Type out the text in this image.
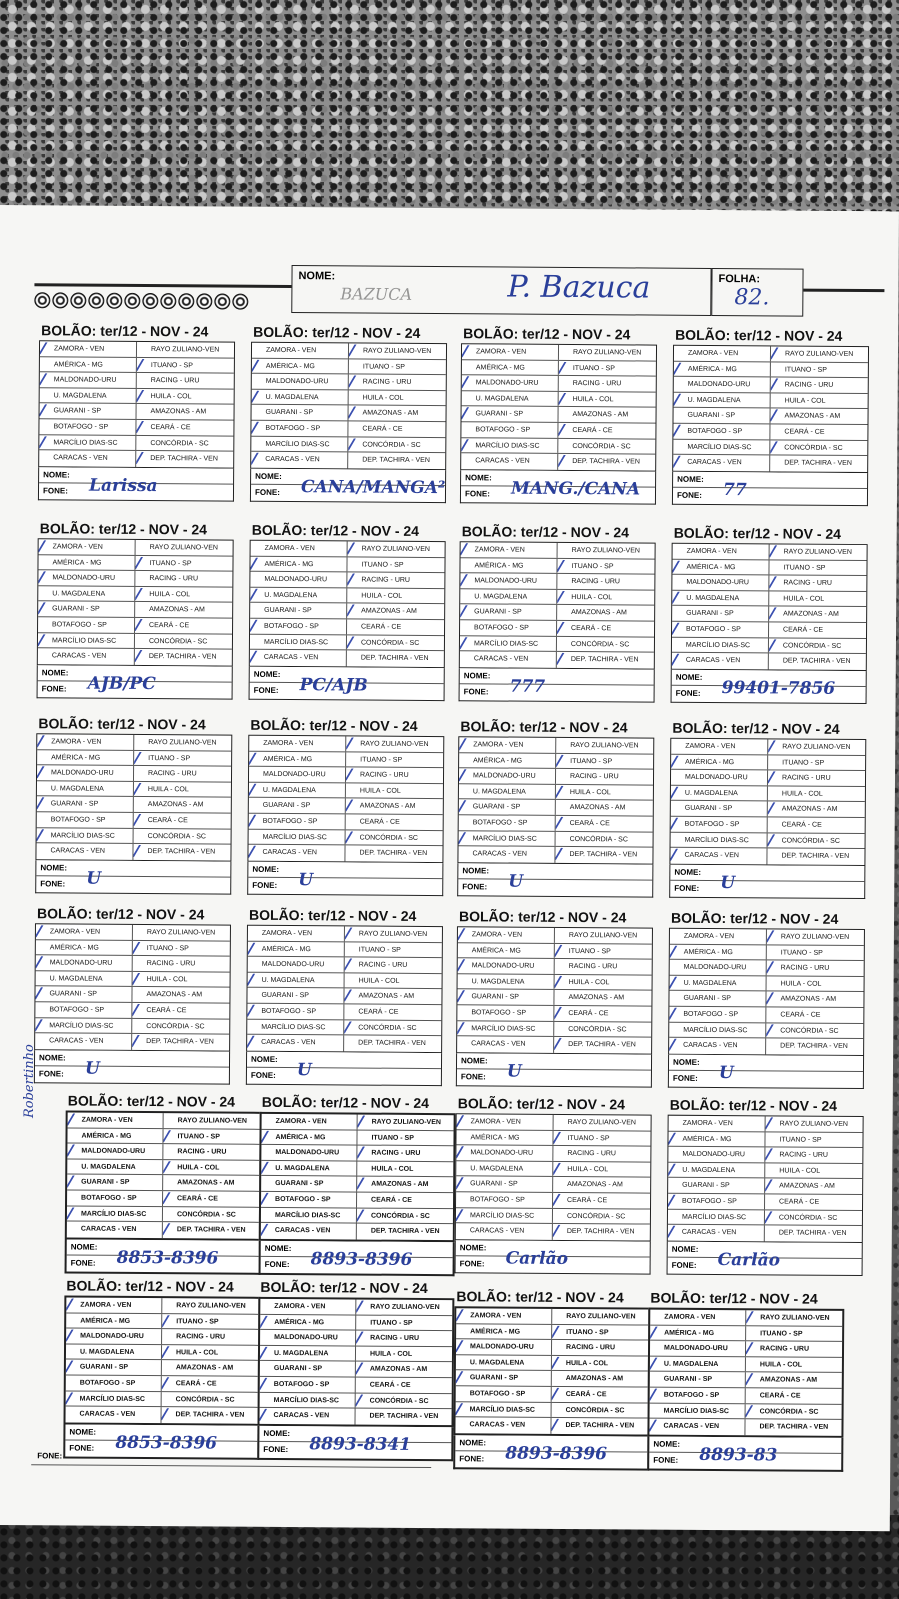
NOME:
BAZUCA	P. Bazuca	FOLHA:
82.
BOLÃO: ter/12 - NOV - 24
ZAMORA - VEN	RAYO ZULIANO-VEN
AMÉRICA - MG	ITUANO - SP
MALDONADO-URU	RACING - URU
U. MAGDALENA	HUILA - COL
GUARANI - SP	AMAZONAS - AM
BOTAFOGO - SP	CEARÁ - CE
MARCÍLIO DIAS-SC	CONCÓRDIA - SC
CARACAS - VEN	DEP. TACHIRA - VEN
NOME:
FONE: Larissa
BOLÃO: ter/12 - NOV - 24
ZAMORA - VEN	RAYO ZULIANO-VEN
AMÉRICA - MG	ITUANO - SP
MALDONADO-URU	RACING - URU
U. MAGDALENA	HUILA - COL
GUARANI - SP	AMAZONAS - AM
BOTAFOGO - SP	CEARÁ - CE
MARCÍLIO DIAS-SC	CONCÓRDIA - SC
CARACAS - VEN	DEP. TACHIRA - VEN
NOME:
FONE: CANA/MANGA²
BOLÃO: ter/12 - NOV - 24
ZAMORA - VEN	RAYO ZULIANO-VEN
AMÉRICA - MG	ITUANO - SP
MALDONADO-URU	RACING - URU
U. MAGDALENA	HUILA - COL
GUARANI - SP	AMAZONAS - AM
BOTAFOGO - SP	CEARÁ - CE
MARCÍLIO DIAS-SC	CONCÓRDIA - SC
CARACAS - VEN	DEP. TACHIRA - VEN
NOME:
FONE: MANG./CANA
BOLÃO: ter/12 - NOV - 24
ZAMORA - VEN	RAYO ZULIANO-VEN
AMÉRICA - MG	ITUANO - SP
MALDONADO-URU	RACING - URU
U. MAGDALENA	HUILA - COL
GUARANI - SP	AMAZONAS - AM
BOTAFOGO - SP	CEARÁ - CE
MARCÍLIO DIAS-SC	CONCÓRDIA - SC
CARACAS - VEN	DEP. TACHIRA - VEN
NOME:
FONE: 77
BOLÃO: ter/12 - NOV - 24
ZAMORA - VEN	RAYO ZULIANO-VEN
AMÉRICA - MG	ITUANO - SP
MALDONADO-URU	RACING - URU
U. MAGDALENA	HUILA - COL
GUARANI - SP	AMAZONAS - AM
BOTAFOGO - SP	CEARÁ - CE
MARCÍLIO DIAS-SC	CONCÓRDIA - SC
CARACAS - VEN	DEP. TACHIRA - VEN
NOME:
FONE: AJB/PC
BOLÃO: ter/12 - NOV - 24
ZAMORA - VEN	RAYO ZULIANO-VEN
AMÉRICA - MG	ITUANO - SP
MALDONADO-URU	RACING - URU
U. MAGDALENA	HUILA - COL
GUARANI - SP	AMAZONAS - AM
BOTAFOGO - SP	CEARÁ - CE
MARCÍLIO DIAS-SC	CONCÓRDIA - SC
CARACAS - VEN	DEP. TACHIRA - VEN
NOME:
FONE: PC/AJB
BOLÃO: ter/12 - NOV - 24
ZAMORA - VEN	RAYO ZULIANO-VEN
AMÉRICA - MG	ITUANO - SP
MALDONADO-URU	RACING - URU
U. MAGDALENA	HUILA - COL
GUARANI - SP	AMAZONAS - AM
BOTAFOGO - SP	CEARÁ - CE
MARCÍLIO DIAS-SC	CONCÓRDIA - SC
CARACAS - VEN	DEP. TACHIRA - VEN
NOME:
FONE: 777
BOLÃO: ter/12 - NOV - 24
ZAMORA - VEN	RAYO ZULIANO-VEN
AMÉRICA - MG	ITUANO - SP
MALDONADO-URU	RACING - URU
U. MAGDALENA	HUILA - COL
GUARANI - SP	AMAZONAS - AM
BOTAFOGO - SP	CEARÁ - CE
MARCÍLIO DIAS-SC	CONCÓRDIA - SC
CARACAS - VEN	DEP. TACHIRA - VEN
NOME:
FONE: 99401-7856
BOLÃO: ter/12 - NOV - 24
ZAMORA - VEN	RAYO ZULIANO-VEN
AMÉRICA - MG	ITUANO - SP
MALDONADO-URU	RACING - URU
U. MAGDALENA	HUILA - COL
GUARANI - SP	AMAZONAS - AM
BOTAFOGO - SP	CEARÁ - CE
MARCÍLIO DIAS-SC	CONCÓRDIA - SC
CARACAS - VEN	DEP. TACHIRA - VEN
NOME:
FONE: U
BOLÃO: ter/12 - NOV - 24
ZAMORA - VEN	RAYO ZULIANO-VEN
AMÉRICA - MG	ITUANO - SP
MALDONADO-URU	RACING - URU
U. MAGDALENA	HUILA - COL
GUARANI - SP	AMAZONAS - AM
BOTAFOGO - SP	CEARÁ - CE
MARCÍLIO DIAS-SC	CONCÓRDIA - SC
CARACAS - VEN	DEP. TACHIRA - VEN
NOME:
FONE: U
BOLÃO: ter/12 - NOV - 24
ZAMORA - VEN	RAYO ZULIANO-VEN
AMÉRICA - MG	ITUANO - SP
MALDONADO-URU	RACING - URU
U. MAGDALENA	HUILA - COL
GUARANI - SP	AMAZONAS - AM
BOTAFOGO - SP	CEARÁ - CE
MARCÍLIO DIAS-SC	CONCÓRDIA - SC
CARACAS - VEN	DEP. TACHIRA - VEN
NOME:
FONE: U
BOLÃO: ter/12 - NOV - 24
ZAMORA - VEN	RAYO ZULIANO-VEN
AMÉRICA - MG	ITUANO - SP
MALDONADO-URU	RACING - URU
U. MAGDALENA	HUILA - COL
GUARANI - SP	AMAZONAS - AM
BOTAFOGO - SP	CEARÁ - CE
MARCÍLIO DIAS-SC	CONCÓRDIA - SC
CARACAS - VEN	DEP. TACHIRA - VEN
NOME:
FONE: U
BOLÃO: ter/12 - NOV - 24
ZAMORA - VEN	RAYO ZULIANO-VEN
AMÉRICA - MG	ITUANO - SP
MALDONADO-URU	RACING - URU
U. MAGDALENA	HUILA - COL
GUARANI - SP	AMAZONAS - AM
BOTAFOGO - SP	CEARÁ - CE
MARCÍLIO DIAS-SC	CONCÓRDIA - SC
CARACAS - VEN	DEP. TACHIRA - VEN
NOME:
FONE: U
BOLÃO: ter/12 - NOV - 24
ZAMORA - VEN	RAYO ZULIANO-VEN
AMÉRICA - MG	ITUANO - SP
MALDONADO-URU	RACING - URU
U. MAGDALENA	HUILA - COL
GUARANI - SP	AMAZONAS - AM
BOTAFOGO - SP	CEARÁ - CE
MARCÍLIO DIAS-SC	CONCÓRDIA - SC
CARACAS - VEN	DEP. TACHIRA - VEN
NOME:
FONE: U
BOLÃO: ter/12 - NOV - 24
ZAMORA - VEN	RAYO ZULIANO-VEN
AMÉRICA - MG	ITUANO - SP
MALDONADO-URU	RACING - URU
U. MAGDALENA	HUILA - COL
GUARANI - SP	AMAZONAS - AM
BOTAFOGO - SP	CEARÁ - CE
MARCÍLIO DIAS-SC	CONCÓRDIA - SC
CARACAS - VEN	DEP. TACHIRA - VEN
NOME:
FONE: U
BOLÃO: ter/12 - NOV - 24
ZAMORA - VEN	RAYO ZULIANO-VEN
AMÉRICA - MG	ITUANO - SP
MALDONADO-URU	RACING - URU
U. MAGDALENA	HUILA - COL
GUARANI - SP	AMAZONAS - AM
BOTAFOGO - SP	CEARÁ - CE
MARCÍLIO DIAS-SC	CONCÓRDIA - SC
CARACAS - VEN	DEP. TACHIRA - VEN
NOME:
FONE: U
BOLÃO: ter/12 - NOV - 24
ZAMORA - VEN	RAYO ZULIANO-VEN
AMÉRICA - MG	ITUANO - SP
MALDONADO-URU	RACING - URU
U. MAGDALENA	HUILA - COL
GUARANI - SP	AMAZONAS - AM
BOTAFOGO - SP	CEARÁ - CE
MARCÍLIO DIAS-SC	CONCÓRDIA - SC
CARACAS - VEN	DEP. TACHIRA - VEN
NOME:
FONE: 8853-8396
BOLÃO: ter/12 - NOV - 24
ZAMORA - VEN	RAYO ZULIANO-VEN
AMÉRICA - MG	ITUANO - SP
MALDONADO-URU	RACING - URU
U. MAGDALENA	HUILA - COL
GUARANI - SP	AMAZONAS - AM
BOTAFOGO - SP	CEARÁ - CE
MARCÍLIO DIAS-SC	CONCÓRDIA - SC
CARACAS - VEN	DEP. TACHIRA - VEN
NOME:
FONE: 8893-8396
BOLÃO: ter/12 - NOV - 24
ZAMORA - VEN	RAYO ZULIANO-VEN
AMÉRICA - MG	ITUANO - SP
MALDONADO-URU	RACING - URU
U. MAGDALENA	HUILA - COL
GUARANI - SP	AMAZONAS - AM
BOTAFOGO - SP	CEARÁ - CE
MARCÍLIO DIAS-SC	CONCÓRDIA - SC
CARACAS - VEN	DEP. TACHIRA - VEN
NOME:
FONE: Carlão
BOLÃO: ter/12 - NOV - 24
ZAMORA - VEN	RAYO ZULIANO-VEN
AMÉRICA - MG	ITUANO - SP
MALDONADO-URU	RACING - URU
U. MAGDALENA	HUILA - COL
GUARANI - SP	AMAZONAS - AM
BOTAFOGO - SP	CEARÁ - CE
MARCÍLIO DIAS-SC	CONCÓRDIA - SC
CARACAS - VEN	DEP. TACHIRA - VEN
NOME:
FONE: Carlão
BOLÃO: ter/12 - NOV - 24
ZAMORA - VEN	RAYO ZULIANO-VEN
AMÉRICA - MG	ITUANO - SP
MALDONADO-URU	RACING - URU
U. MAGDALENA	HUILA - COL
GUARANI - SP	AMAZONAS - AM
BOTAFOGO - SP	CEARÁ - CE
MARCÍLIO DIAS-SC	CONCÓRDIA - SC
CARACAS - VEN	DEP. TACHIRA - VEN
NOME:
FONE: 8853-8396
BOLÃO: ter/12 - NOV - 24
ZAMORA - VEN	RAYO ZULIANO-VEN
AMÉRICA - MG	ITUANO - SP
MALDONADO-URU	RACING - URU
U. MAGDALENA	HUILA - COL
GUARANI - SP	AMAZONAS - AM
BOTAFOGO - SP	CEARÁ - CE
MARCÍLIO DIAS-SC	CONCÓRDIA - SC
CARACAS - VEN	DEP. TACHIRA - VEN
NOME:
FONE: 8893-8341
BOLÃO: ter/12 - NOV - 24
ZAMORA - VEN	RAYO ZULIANO-VEN
AMÉRICA - MG	ITUANO - SP
MALDONADO-URU	RACING - URU
U. MAGDALENA	HUILA - COL
GUARANI - SP	AMAZONAS - AM
BOTAFOGO - SP	CEARÁ - CE
MARCÍLIO DIAS-SC	CONCÓRDIA - SC
CARACAS - VEN	DEP. TACHIRA - VEN
NOME:
FONE: 8893-8396
BOLÃO: ter/12 - NOV - 24
ZAMORA - VEN	RAYO ZULIANO-VEN
AMÉRICA - MG	ITUANO - SP
MALDONADO-URU	RACING - URU
U. MAGDALENA	HUILA - COL
GUARANI - SP	AMAZONAS - AM
BOTAFOGO - SP	CEARÁ - CE
MARCÍLIO DIAS-SC	CONCÓRDIA - SC
CARACAS - VEN	DEP. TACHIRA - VEN
NOME:
FONE: 8893-83
FONE:
Robertinho
